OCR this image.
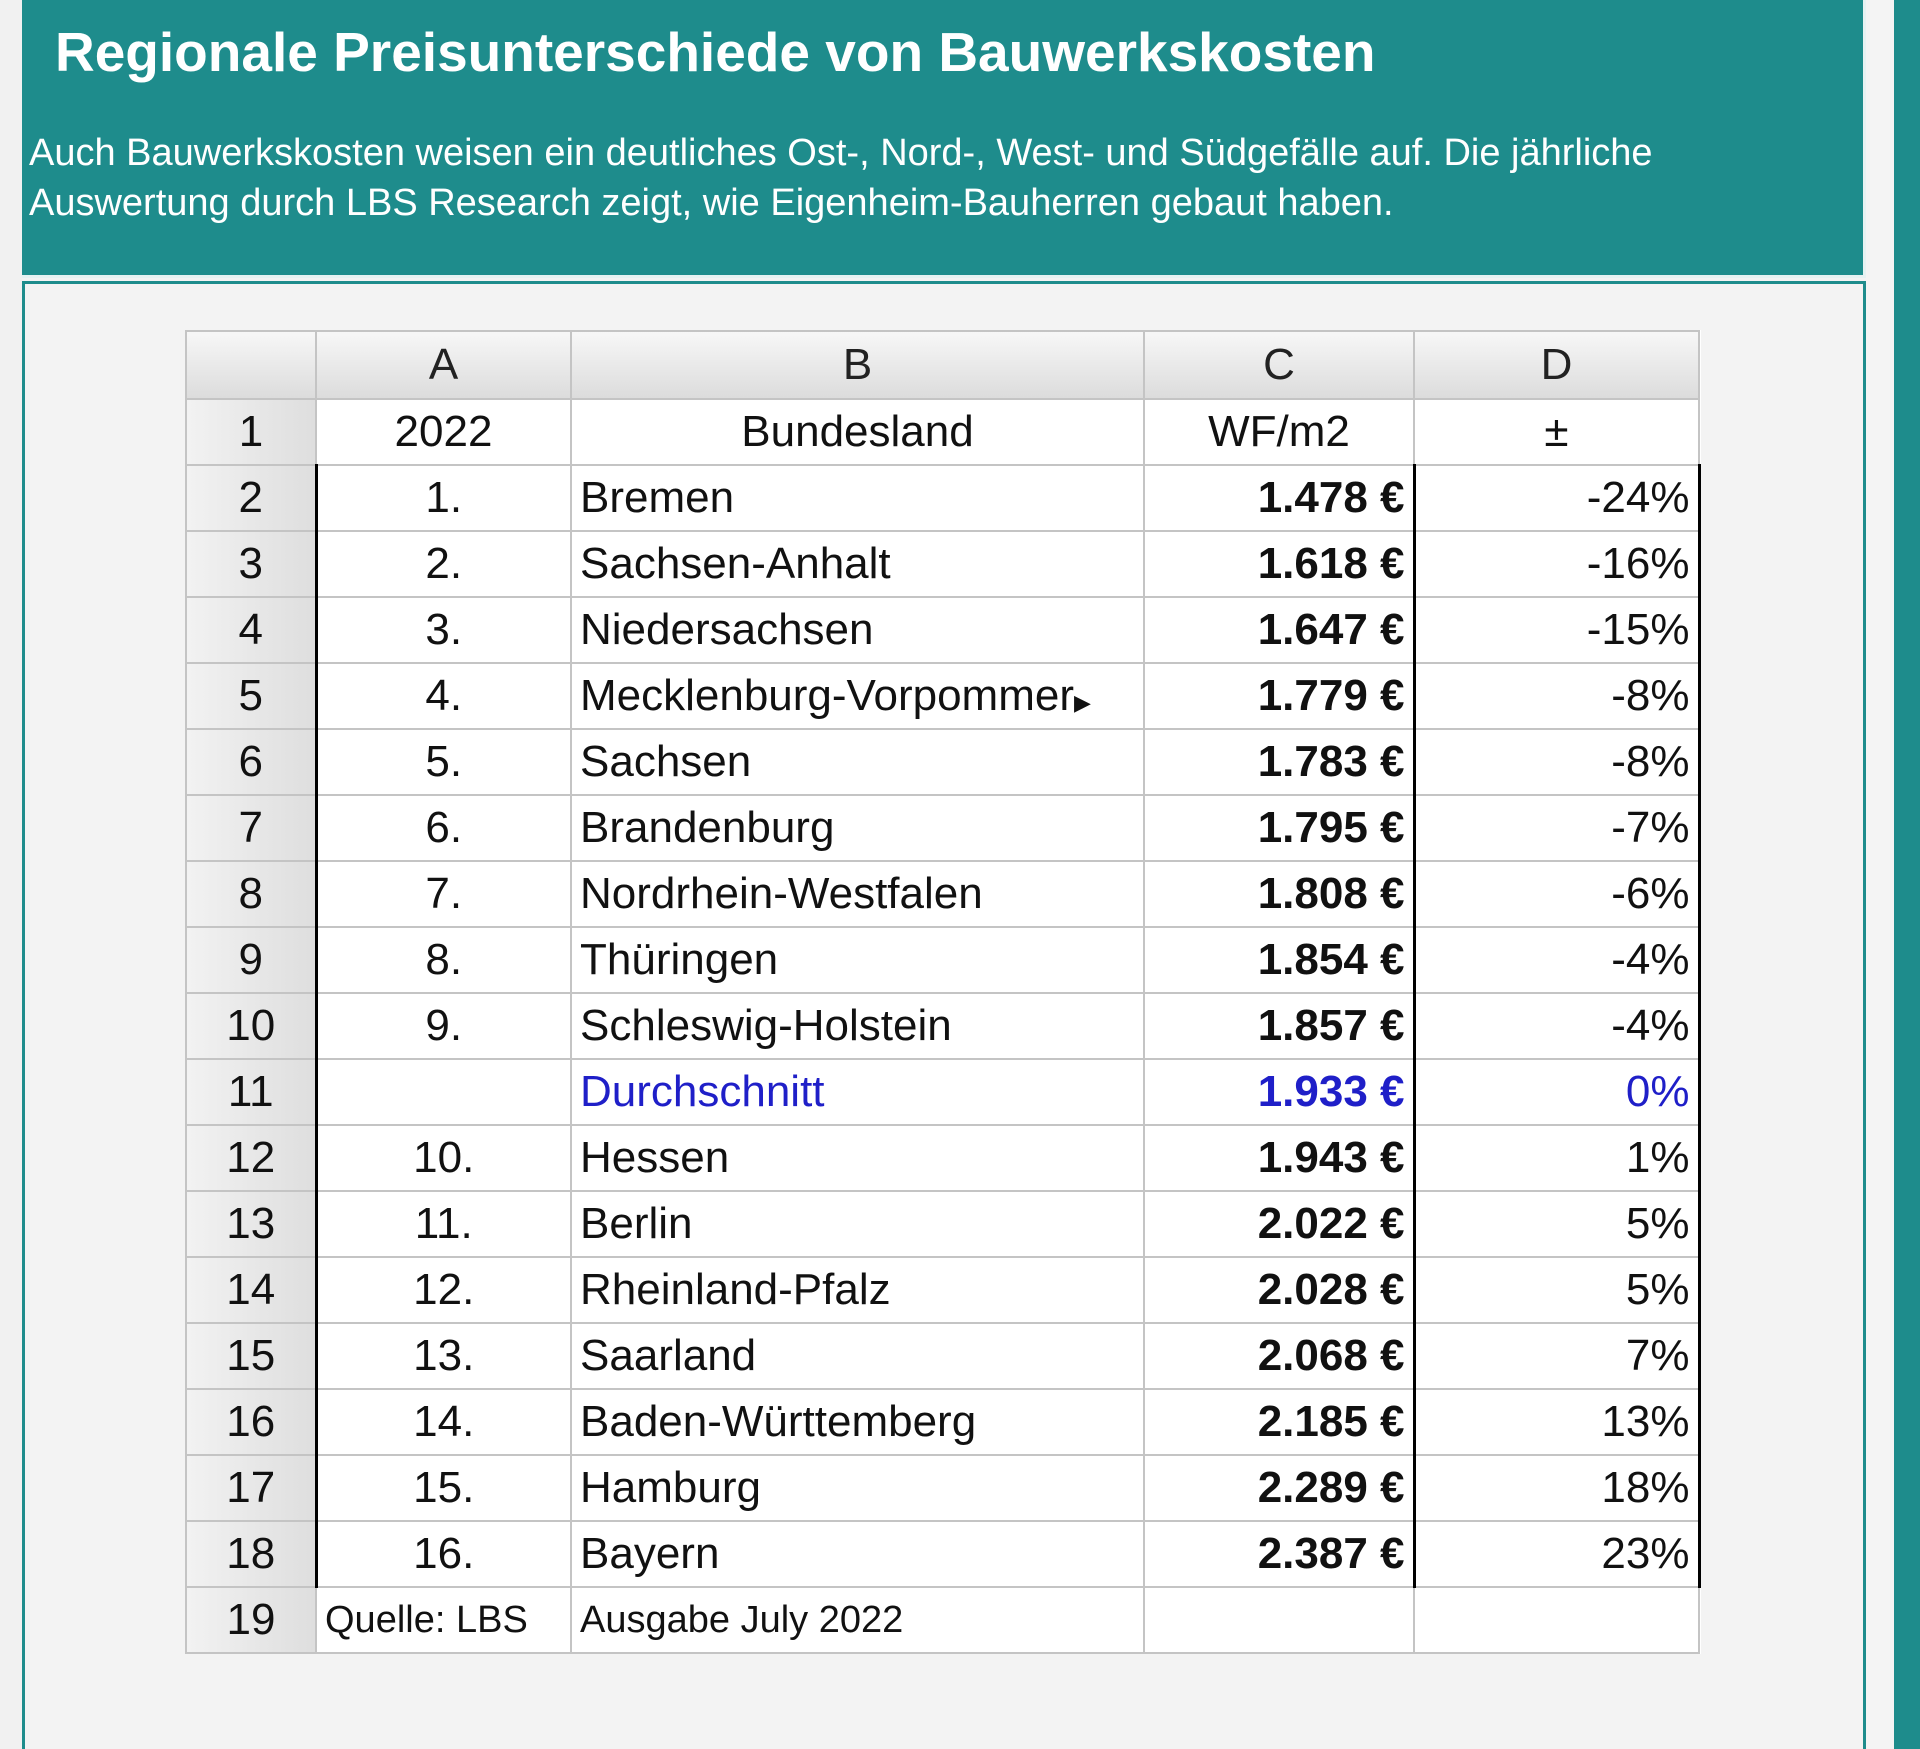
Regionale Preisunterschiede von Bauwerkskosten

Auch Bauwerkskosten weisen ein deutliches Ost-, Nord-, West- und Südgefälle auf. Die jährliche Auswertung durch LBS Research zeigt, wie Eigenheim-Bauherren gebaut haben.

	A	B	C	D
1	2022	Bundesland	WF/m2	±
2	1.	Bremen	1.478 €	-24%
3	2.	Sachsen-Anhalt	1.618 €	-16%
4	3.	Niedersachsen	1.647 €	-15%
5	4.	Mecklenburg-Vorpommer▶	1.779 €	-8%
6	5.	Sachsen	1.783 €	-8%
7	6.	Brandenburg	1.795 €	-7%
8	7.	Nordrhein-Westfalen	1.808 €	-6%
9	8.	Thüringen	1.854 €	-4%
10	9.	Schleswig-Holstein	1.857 €	-4%
11		Durchschnitt	1.933 €	0%
12	10.	Hessen	1.943 €	1%
13	11.	Berlin	2.022 €	5%
14	12.	Rheinland-Pfalz	2.028 €	5%
15	13.	Saarland	2.068 €	7%
16	14.	Baden-Württemberg	2.185 €	13%
17	15.	Hamburg	2.289 €	18%
18	16.	Bayern	2.387 €	23%
19	Quelle: LBS	Ausgabe July 2022		
